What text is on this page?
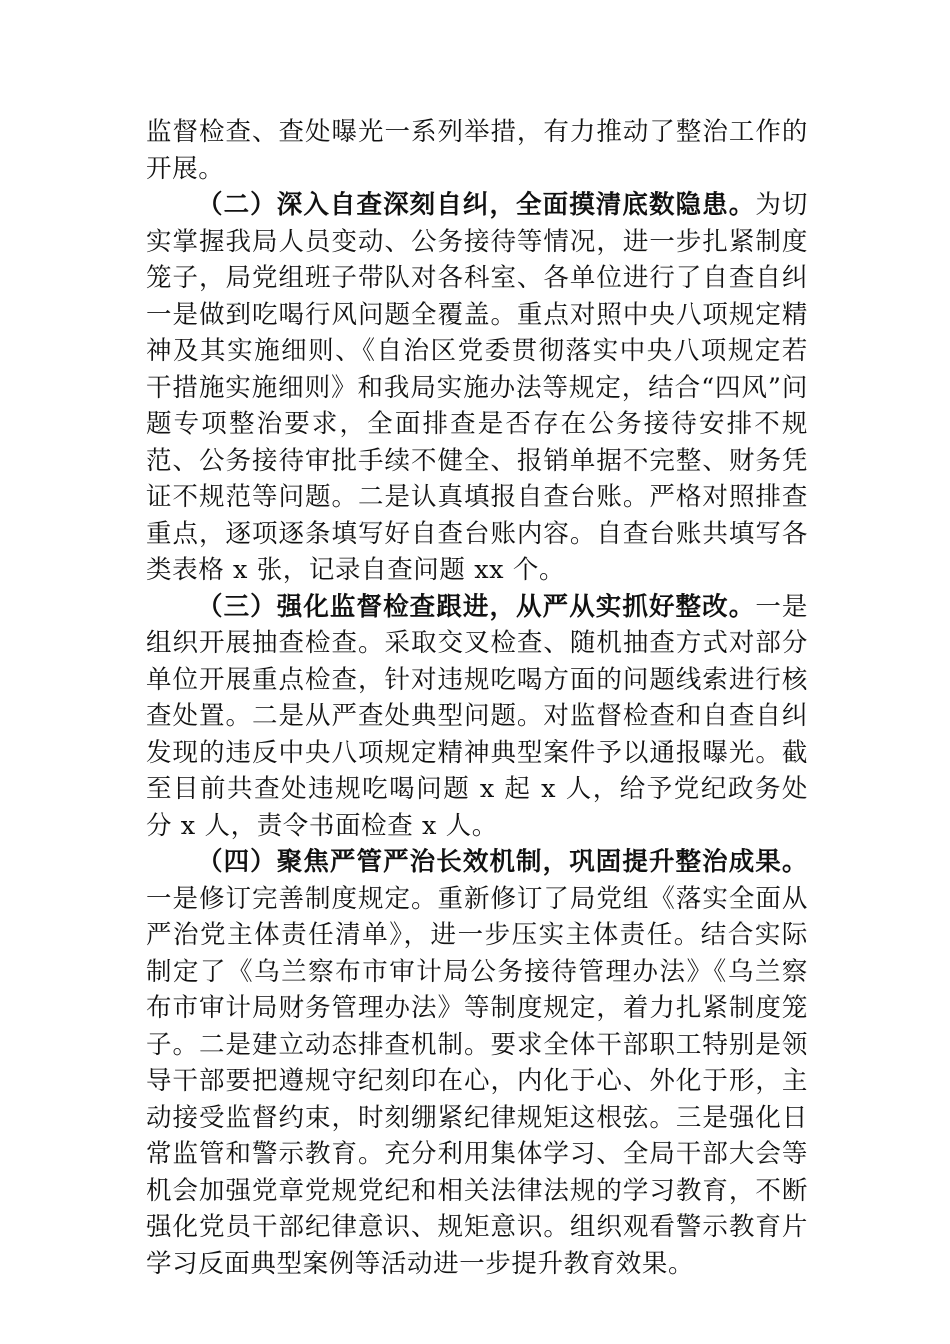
监督检查、查处曝光一系列举措，有力推动了整治工作的开展。

（二）深入自查深刻自纠，全面摸清底数隐患。为切实掌握我局人员变动、公务接待等情况，进一步扎紧制度笼子，局党组班子带队对各科室、各单位进行了自查自纠一是做到吃喝行风问题全覆盖。重点对照中央八项规定精神及其实施细则、《自治区党委贯彻落实中央八项规定若干措施实施细则》和我局实施办法等规定，结合“四风”问题专项整治要求，全面排查是否存在公务接待安排不规范、公务接待审批手续不健全、报销单据不完整、财务凭证不规范等问题。二是认真填报自查台账。严格对照排查重点，逐项逐条填写好自查台账内容。自查台账共填写各类表格 x 张，记录自查问题 xx 个。

（三）强化监督检查跟进，从严从实抓好整改。一是组织开展抽查检查。采取交叉检查、随机抽查方式对部分单位开展重点检查，针对违规吃喝方面的问题线索进行核查处置。二是从严查处典型问题。对监督检查和自查自纠发现的违反中央八项规定精神典型案件予以通报曝光。截至目前共查处违规吃喝问题 x 起 x 人，给予党纪政务处分 x 人，责令书面检查 x 人。

（四）聚焦严管严治长效机制，巩固提升整治成果。一是修订完善制度规定。重新修订了局党组《落实全面从严治党主体责任清单》，进一步压实主体责任。结合实际制定了《乌兰察布市审计局公务接待管理办法》《乌兰察布市审计局财务管理办法》等制度规定，着力扎紧制度笼子。二是建立动态排查机制。要求全体干部职工特别是领导干部要把遵规守纪刻印在心，内化于心、外化于形，主动接受监督约束，时刻绷紧纪律规矩这根弦。三是强化日常监管和警示教育。充分利用集体学习、全局干部大会等机会加强党章党规党纪和相关法律法规的学习教育，不断强化党员干部纪律意识、规矩意识。组织观看警示教育片学习反面典型案例等活动进一步提升教育效果。
